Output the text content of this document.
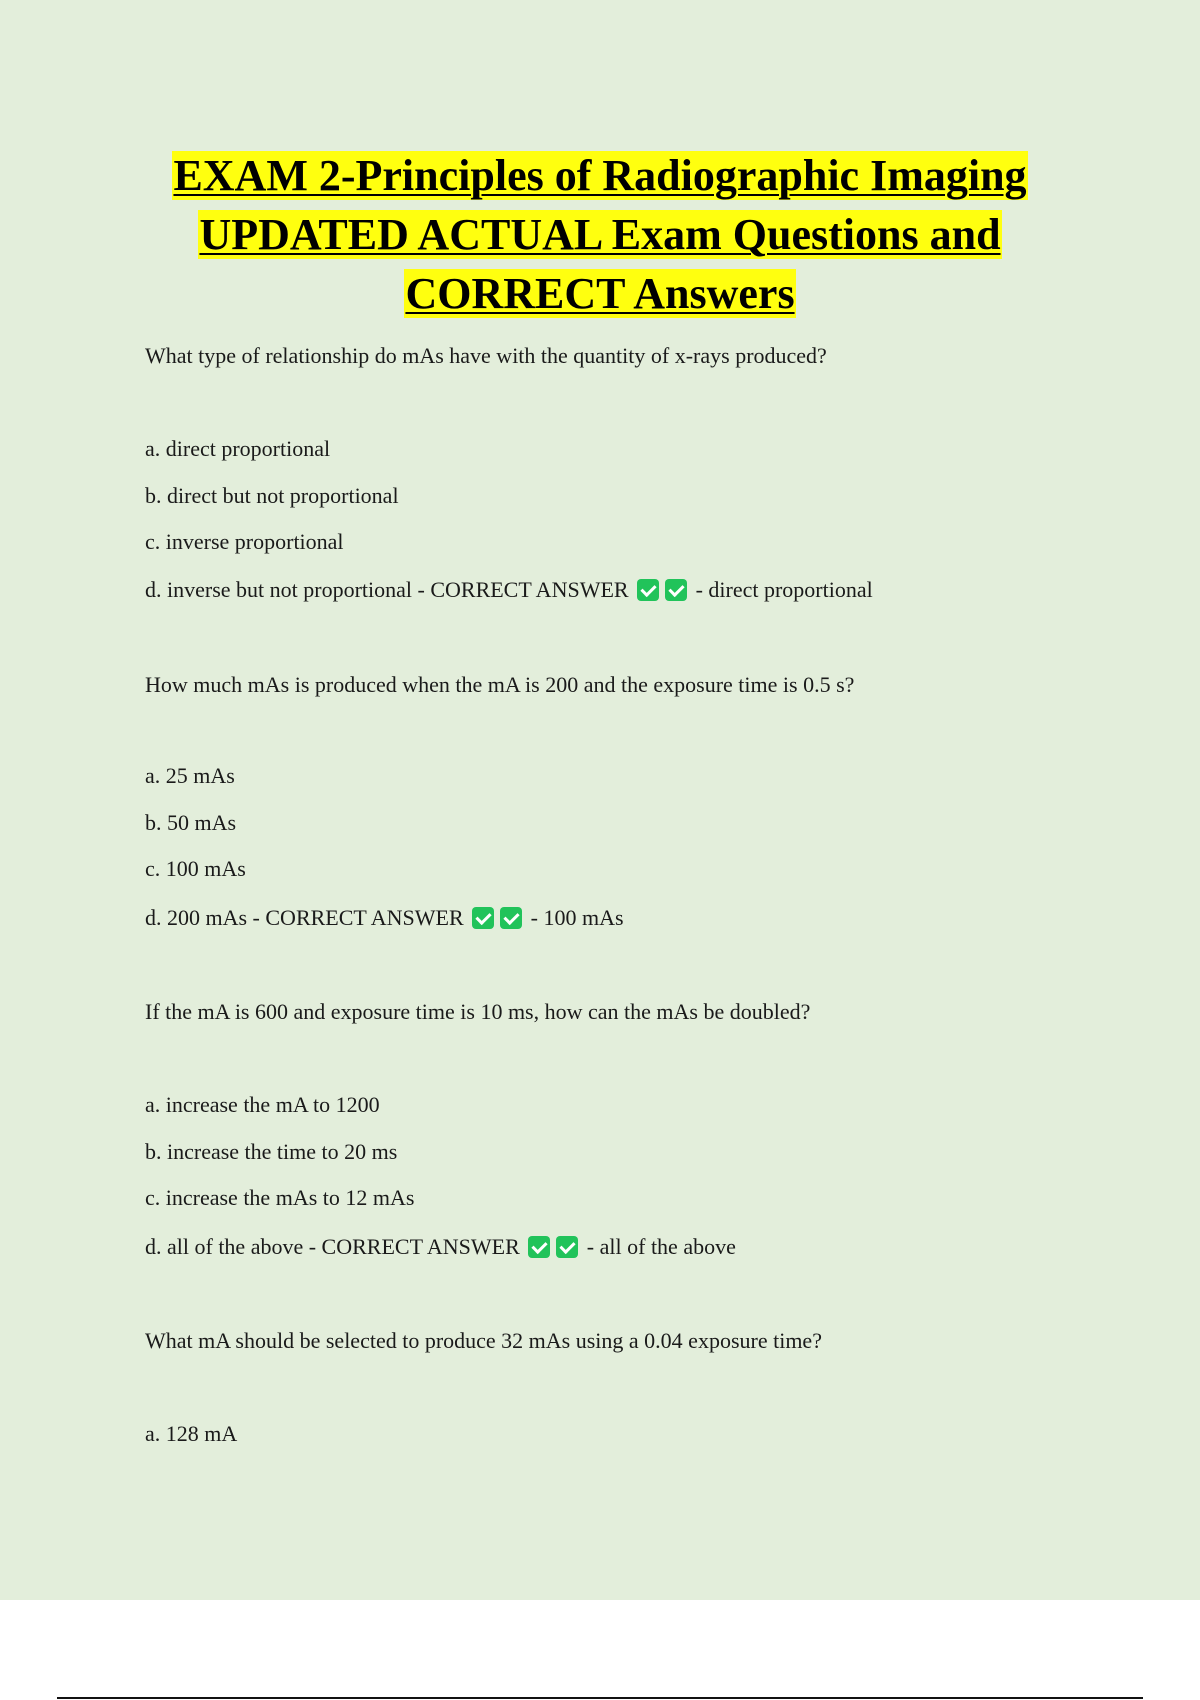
EXAM 2-Principles of Radiographic Imaging
UPDATED ACTUAL Exam Questions and
CORRECT Answers
What type of relationship do mAs have with the quantity of x-rays produced?
a. direct proportional
b. direct but not proportional
c. inverse proportional
d. inverse but not proportional - CORRECT ANSWER	- direct proportional
How much mAs is produced when the mA is 200 and the exposure time is 0.5 s?
a. 25 mAs
b. 50 mAs
c. 100 mAs
d. 200 mAs - CORRECT ANSWER	- 100 mAs
If the mA is 600 and exposure time is 10 ms, how can the mAs be doubled?
a. increase the mA to 1200
b. increase the time to 20 ms
c. increase the mAs to 12 mAs
d. all of the above - CORRECT ANSWER	- all of the above
What mA should be selected to produce 32 mAs using a 0.04 exposure time?
a. 128 mA
